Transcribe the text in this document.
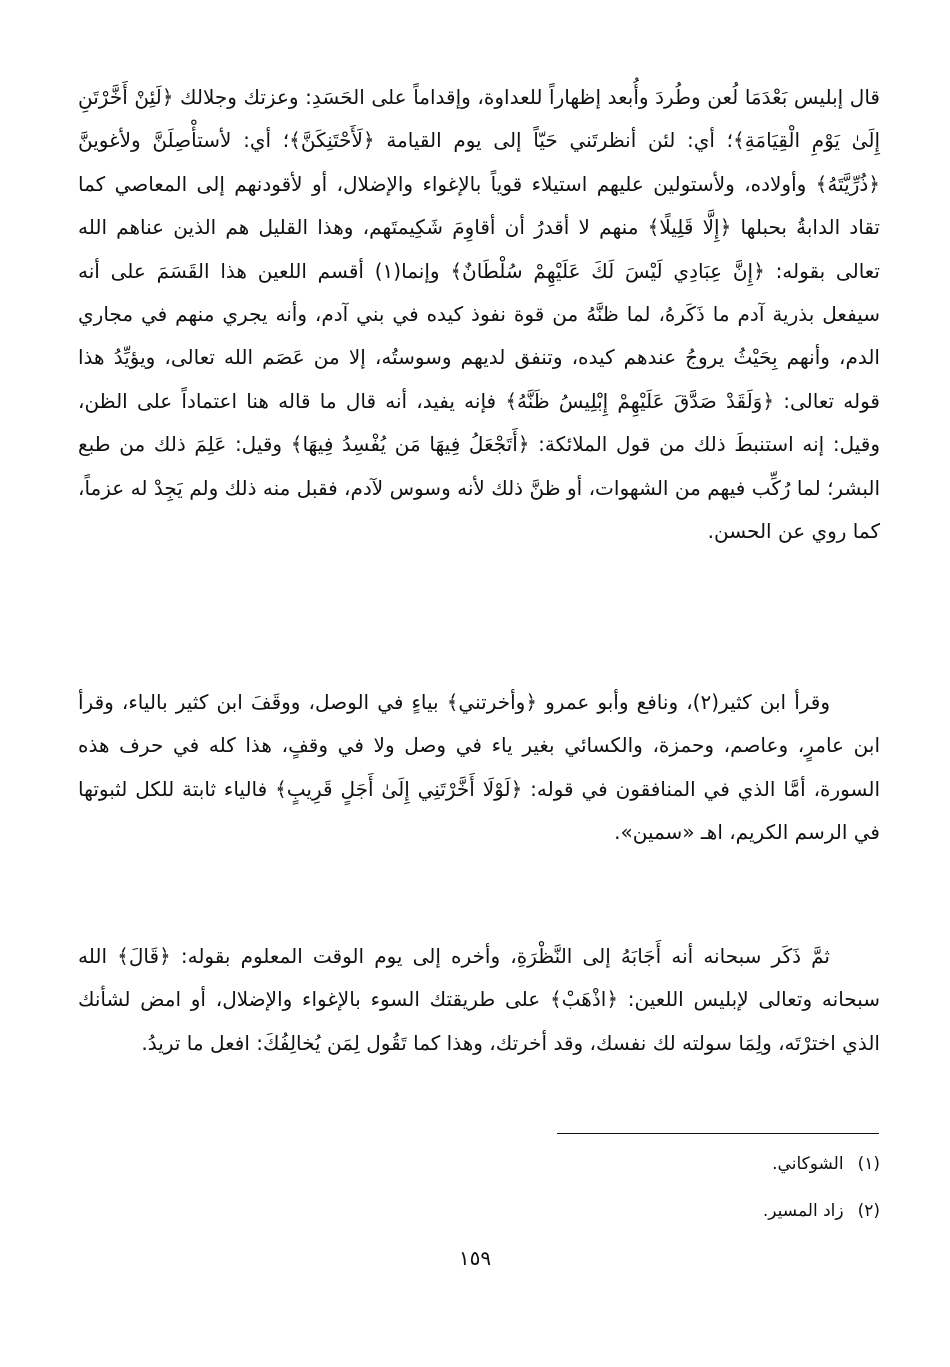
قال إبليس بَعْدَمَا لُعن وطُردَ وأُبعد إظهاراً للعداوة، وإقداماً على الحَسَدِ: وعزتك وجلالك ﴿لَئِنْ أَخَّرْتَنِ إِلَىٰ يَوْمِ الْقِيَامَةِ﴾؛ أي: لئن أنظرتَني حَيّاً إلى يوم القيامة ﴿لَأَحْتَنِكَنَّ﴾؛ أي: لأستأْصِلَنَّ ولأغوينَّ ﴿ذُرِّيَّتَهُ﴾ وأولاده، ولأستولين عليهم استيلاء قوياً بالإغواء والإضلال، أو لأقودنهم إلى المعاصي كما تقاد الدابةُ بحبلها ﴿إِلَّا قَلِيلًا﴾ منهم لا أقدرُ أن أقاوِمَ شَكِيمتَهم، وهذا القليل هم الذين عناهم الله تعالى بقوله: ﴿إِنَّ عِبَادِي لَيْسَ لَكَ عَلَيْهِمْ سُلْطَانٌ﴾ وإنما(١) أقسم اللعين هذا القَسَمَ على أنه سيفعل بذرية آدم ما ذَكَرهُ، لما ظنَّهُ من قوة نفوذ كيده في بني آدم، وأنه يجري منهم في مجاري الدم، وأنهم بِحَيْثُ يروجُ عندهم كيده، وتنفق لديهم وسوستُه، إلا من عَصَم الله تعالى، ويؤيِّدُ هذا قوله تعالى: ﴿وَلَقَدْ صَدَّقَ عَلَيْهِمْ إِبْلِيسُ ظَنَّهُ﴾ فإنه يفيد، أنه قال ما قاله هنا اعتماداً على الظن، وقيل: إنه استنبطَ ذلك من قول الملائكة: ﴿أَتَجْعَلُ فِيهَا مَن يُفْسِدُ فِيهَا﴾ وقيل: عَلِمَ ذلك من طبع البشر؛ لما رُكِّب فيهم من الشهوات، أو ظنَّ ذلك لأنه وسوس لآدم، فقبل منه ذلك ولم يَجِدْ له عزماً، كما روي عن الحسن.

وقرأ ابن كثير(٢)، ونافع وأبو عمرو ﴿وأخرتني﴾ بياءٍ في الوصل، ووقَفَ ابن كثير بالياء، وقرأ ابن عامرٍ، وعاصم، وحمزة، والكسائي بغير ياء في وصل ولا في وقفٍ، هذا كله في حرف هذه السورة، أمَّا الذي في المنافقون في قوله: ﴿لَوْلَا أَخَّرْتَنِي إِلَىٰ أَجَلٍ قَرِيبٍ﴾ فالياء ثابتة للكل لثبوتها في الرسم الكريم، اهـ «سمين».

ثمَّ ذَكَر سبحانه أنه أَجَابَهُ إلى النَّظْرَةِ، وأخره إلى يوم الوقت المعلوم بقوله: ﴿قَالَ﴾ الله سبحانه وتعالى لإبليس اللعين: ﴿اذْهَبْ﴾ على طريقتك السوء بالإغواء والإضلال، أو امض لشأنك الذي اخترْتَه، ولِمَا سولته لك نفسك، وقد أخرتك، وهذا كما تَقُول لِمَن يُخالِفُكَ: افعل ما تريدُ.

(١)الشوكاني.
(٢)زاد المسير.
١٥٩
